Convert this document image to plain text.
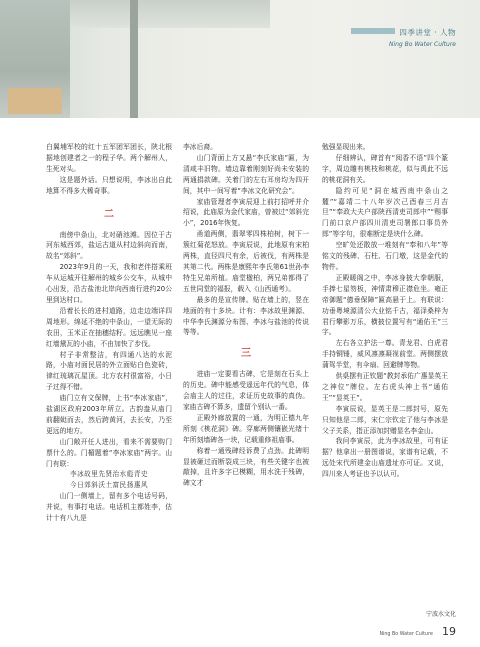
四季讲堂 · 人物
Ning Bo Water Culture

白翼埔军校的红十五军团军团长，陕北根据地创建者之一的程子华。两个解州人，生死对头。

这是题外话。只想说明，李冰出自此地算不得多大稀奇事。

二

南傍中条山，北对硝池滩。因位于古河东城西郊，盐运古道从村边斜向而南，故名“郊斜”。

2023年9月的一天，我和老伴搭乘班车从运城开往解州的城乡公交车，从城中心出发，沿古盐池北岸向西南行进约20公里到达村口。

沿着长长的进村道路，边走边端详四周地形。绵延不绝的中条山，一望无际的农田，玉米正在抽穗结籽。远远瞧见一座红墙黛瓦的小庙，不由加快了步伐。

村子非常整洁，有四通八达的水泥路，小庙对面民居的外立面贴白色瓷砖，律红琉璃瓦屋顶。北方农村很富裕，小日子过得不错。

庙门立有文保牌，上书“李冰家庙”，盐湖区政府2003年所立。古韵盎从庙门前翻蜓而去，然后跨黄河，去长安，乃至更远的地方。

山门敞开任人进出，看来不需要购门票什么的。门楣题着“李冰家庙”两字。山门有联：

李冰故里先贤治水彪青史

今日郊斜沃土富民扬惠风

山门一侧墙上，留有多个电话号码，并说，有事打电话。电话机主都姓李，估计十有八九是

李冰后裔。

山门背面上方又悬“李氏家庙”匾，为清咸丰旧物。墙边靠着刚刻好尚未安装的两通捐款碑。关着门的左右耳房均为四开间，其中一间写着“李冰文化研究会”。

家庙管理者李寅辰迎上前打招呼并介绍说，此庙原为金代家庙，曾被过“郊斜完小”，2016年恢复。

甬道两侧，翡翠零四株柏树，树下一簇红菊花怒放。李寅辰说，此地原有宋柏两株，直径四尺有余，后被伐，有两株是其第二代。两株是康熙年李氏第61世孙李特生兄弟所植。庙堂楹柏，两兄弟都得了五世同堂的福报，载入《山西通考》。

最多的是宣传牌。贴在墙上的，竖在地面的有十多块。计有：李冰故里渊源、中华李氏渊源分布图、李冰与盐池的传说等等。

三

进庙一定要看古碑，它是刻在石头上的历史。碑中能感受遥远年代的气息，体会庙主人的过往，求证历史故事的真伪。家庙古碑不算多，遗留个别认一番。

正殿外廊放置的一通，为明正德九年所刻《桃花洞》碑。穿廊两侧镶嵌光绪十年所刻墙碑各一块，记载重修祖庙事。

称着一通残碑经诉费了点劲。此碑明显被砸过而断裂成三块，有些关键字也被敲掉，且许多字已模糊，用水洗于残碑，碑文才

勉强显现出来。

仔细辨认，碑首有“阅香不语”四个篆字，周边雕有桃枝和桃花，似与禹此不远的桃花洞有关。

隐约可见“洞在城西南中条山之麓”“嘉靖二十八年岁次己酉春三月吉旦”“奉政大夫户部陕西清吏司郎中”“赐事门前口京户部四川清吏司署郎口事员外郎”等字句，很难断定是块什么碑。

空旷处还散放一堆刻有“奉和八年”等铭文的残碑、石柱、石门墩，这是金代的物件。

正殿暖阁之中，李冰身披大拳朝服，手捧七星笏板，神情肃穆正襟危坐。雍正帝御题“德垂保障”匾高悬于上。有联说：功垂粤境源清公大业铭千古，福泽桑梓为君行攀影万乐，横披位置写有“通佑王”三字。

左右各立护法一尊。青龙君、白虎君手持铜锤，威风凛凛凝视前堂。两侧摆放蒲驾半堂，有伞扇、回避牌等物。

供桌摆有正钦题“教封承佑广惠显英王之神位”牌位。左右虎头神上书“通佑王”“显英王”。

李寅辰说，显英王是二郎封号，原先只知他是二郎，宋仁宗钦定了他与李冰是父子关系，指正添加封赠显名李金山。

我问李寅辰，此为李冰故里，可有证据？他拿出一册图谱说，家谱有记载，不远处宋代所建金山庙遗址亦可证。又说，四川来人考证也予以认可。

宁波水文化
Ning Bo Water Culture 19
